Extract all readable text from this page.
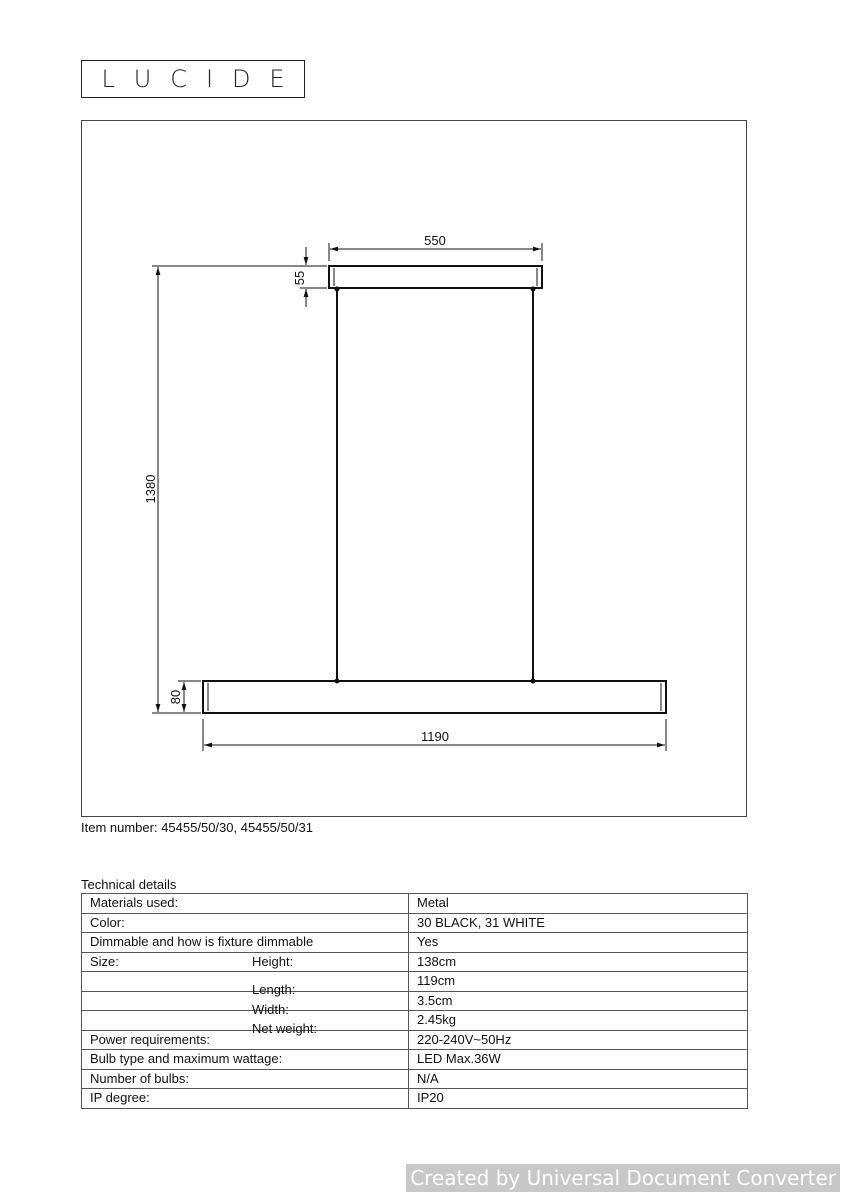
L U C I D E
550
55
1380
80
1190
Item number: 45455/50/30, 45455/50/31
Technical details
Materials used:	Metal
Color:	30 BLACK, 31 WHITE
Dimmable and how is fixture dimmable	Yes
Size: Height:	138cm

Length:	119cm

Width:	3.5cm

Net weight:	2.45kg
Power requirements:	220-240V~50Hz
Bulb type and maximum wattage:	LED Max.36W
Number of bulbs:	N/A
IP degree:	IP20
Created by Universal Document Converter
